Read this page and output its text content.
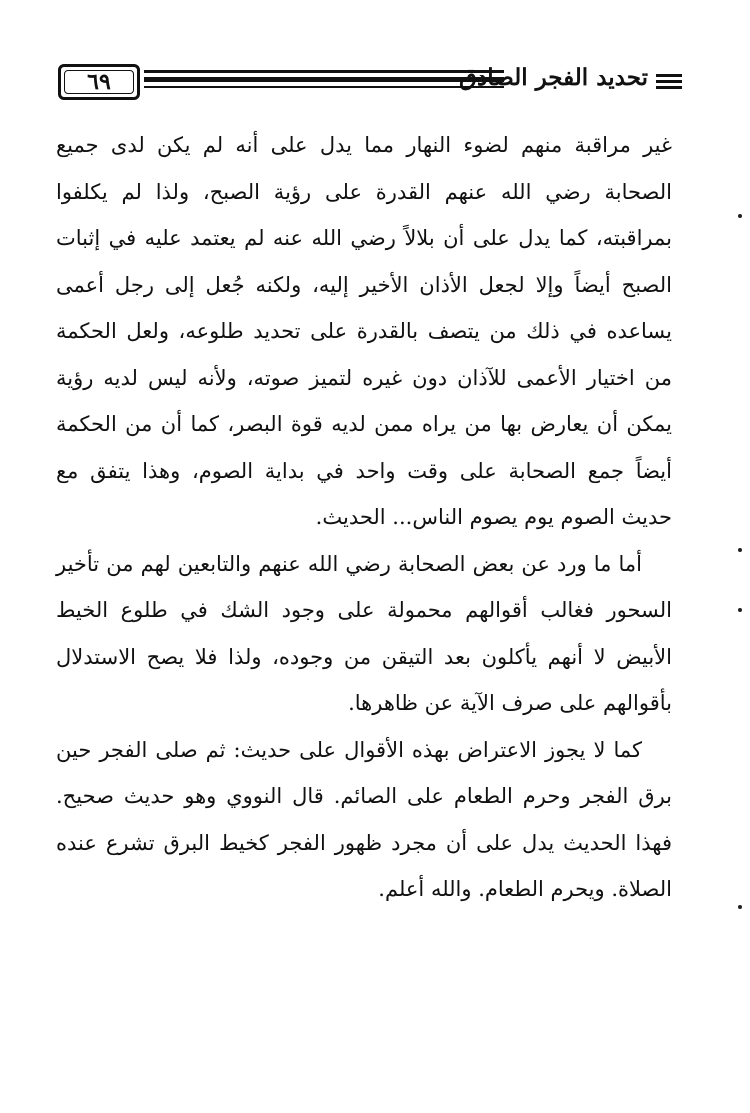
٦٩	تحديد الفجر الصادق

غير مراقبة منهم لضوء النهار مما يدل على أنه لم يكن لدى جميع الصحابة رضي الله عنهم القدرة على رؤية الصبح، ولذا لم يكلفوا بمراقبته، كما يدل على أن بلالاً رضي الله عنه لم يعتمد عليه في إثبات الصبح أيضاً وإلا لجعل الأذان الأخير إليه، ولكنه جُعل إلى رجل أعمى يساعده في ذلك من يتصف بالقدرة على تحديد طلوعه، ولعل الحكمة من اختيار الأعمى للآذان دون غيره لتميز صوته، ولأنه ليس لديه رؤية يمكن أن يعارض بها من يراه ممن لديه قوة البصر، كما أن من الحكمة أيضاً جمع الصحابة على وقت واحد في بداية الصوم، وهذا يتفق مع حديث الصوم يوم يصوم الناس... الحديث.

أما ما ورد عن بعض الصحابة رضي الله عنهم والتابعين لهم من تأخير السحور فغالب أقوالهم محمولة على وجود الشك في طلوع الخيط الأبيض لا أنهم يأكلون بعد التيقن من وجوده، ولذا فلا يصح الاستدلال بأقوالهم على صرف الآية عن ظاهرها.

كما لا يجوز الاعتراض بهذه الأقوال على حديث: ثم صلى الفجر حين برق الفجر وحرم الطعام على الصائم. قال النووي وهو حديث صحيح. فهذا الحديث يدل على أن مجرد ظهور الفجر كخيط البرق تشرع عنده الصلاة. ويحرم الطعام. والله أعلم.
